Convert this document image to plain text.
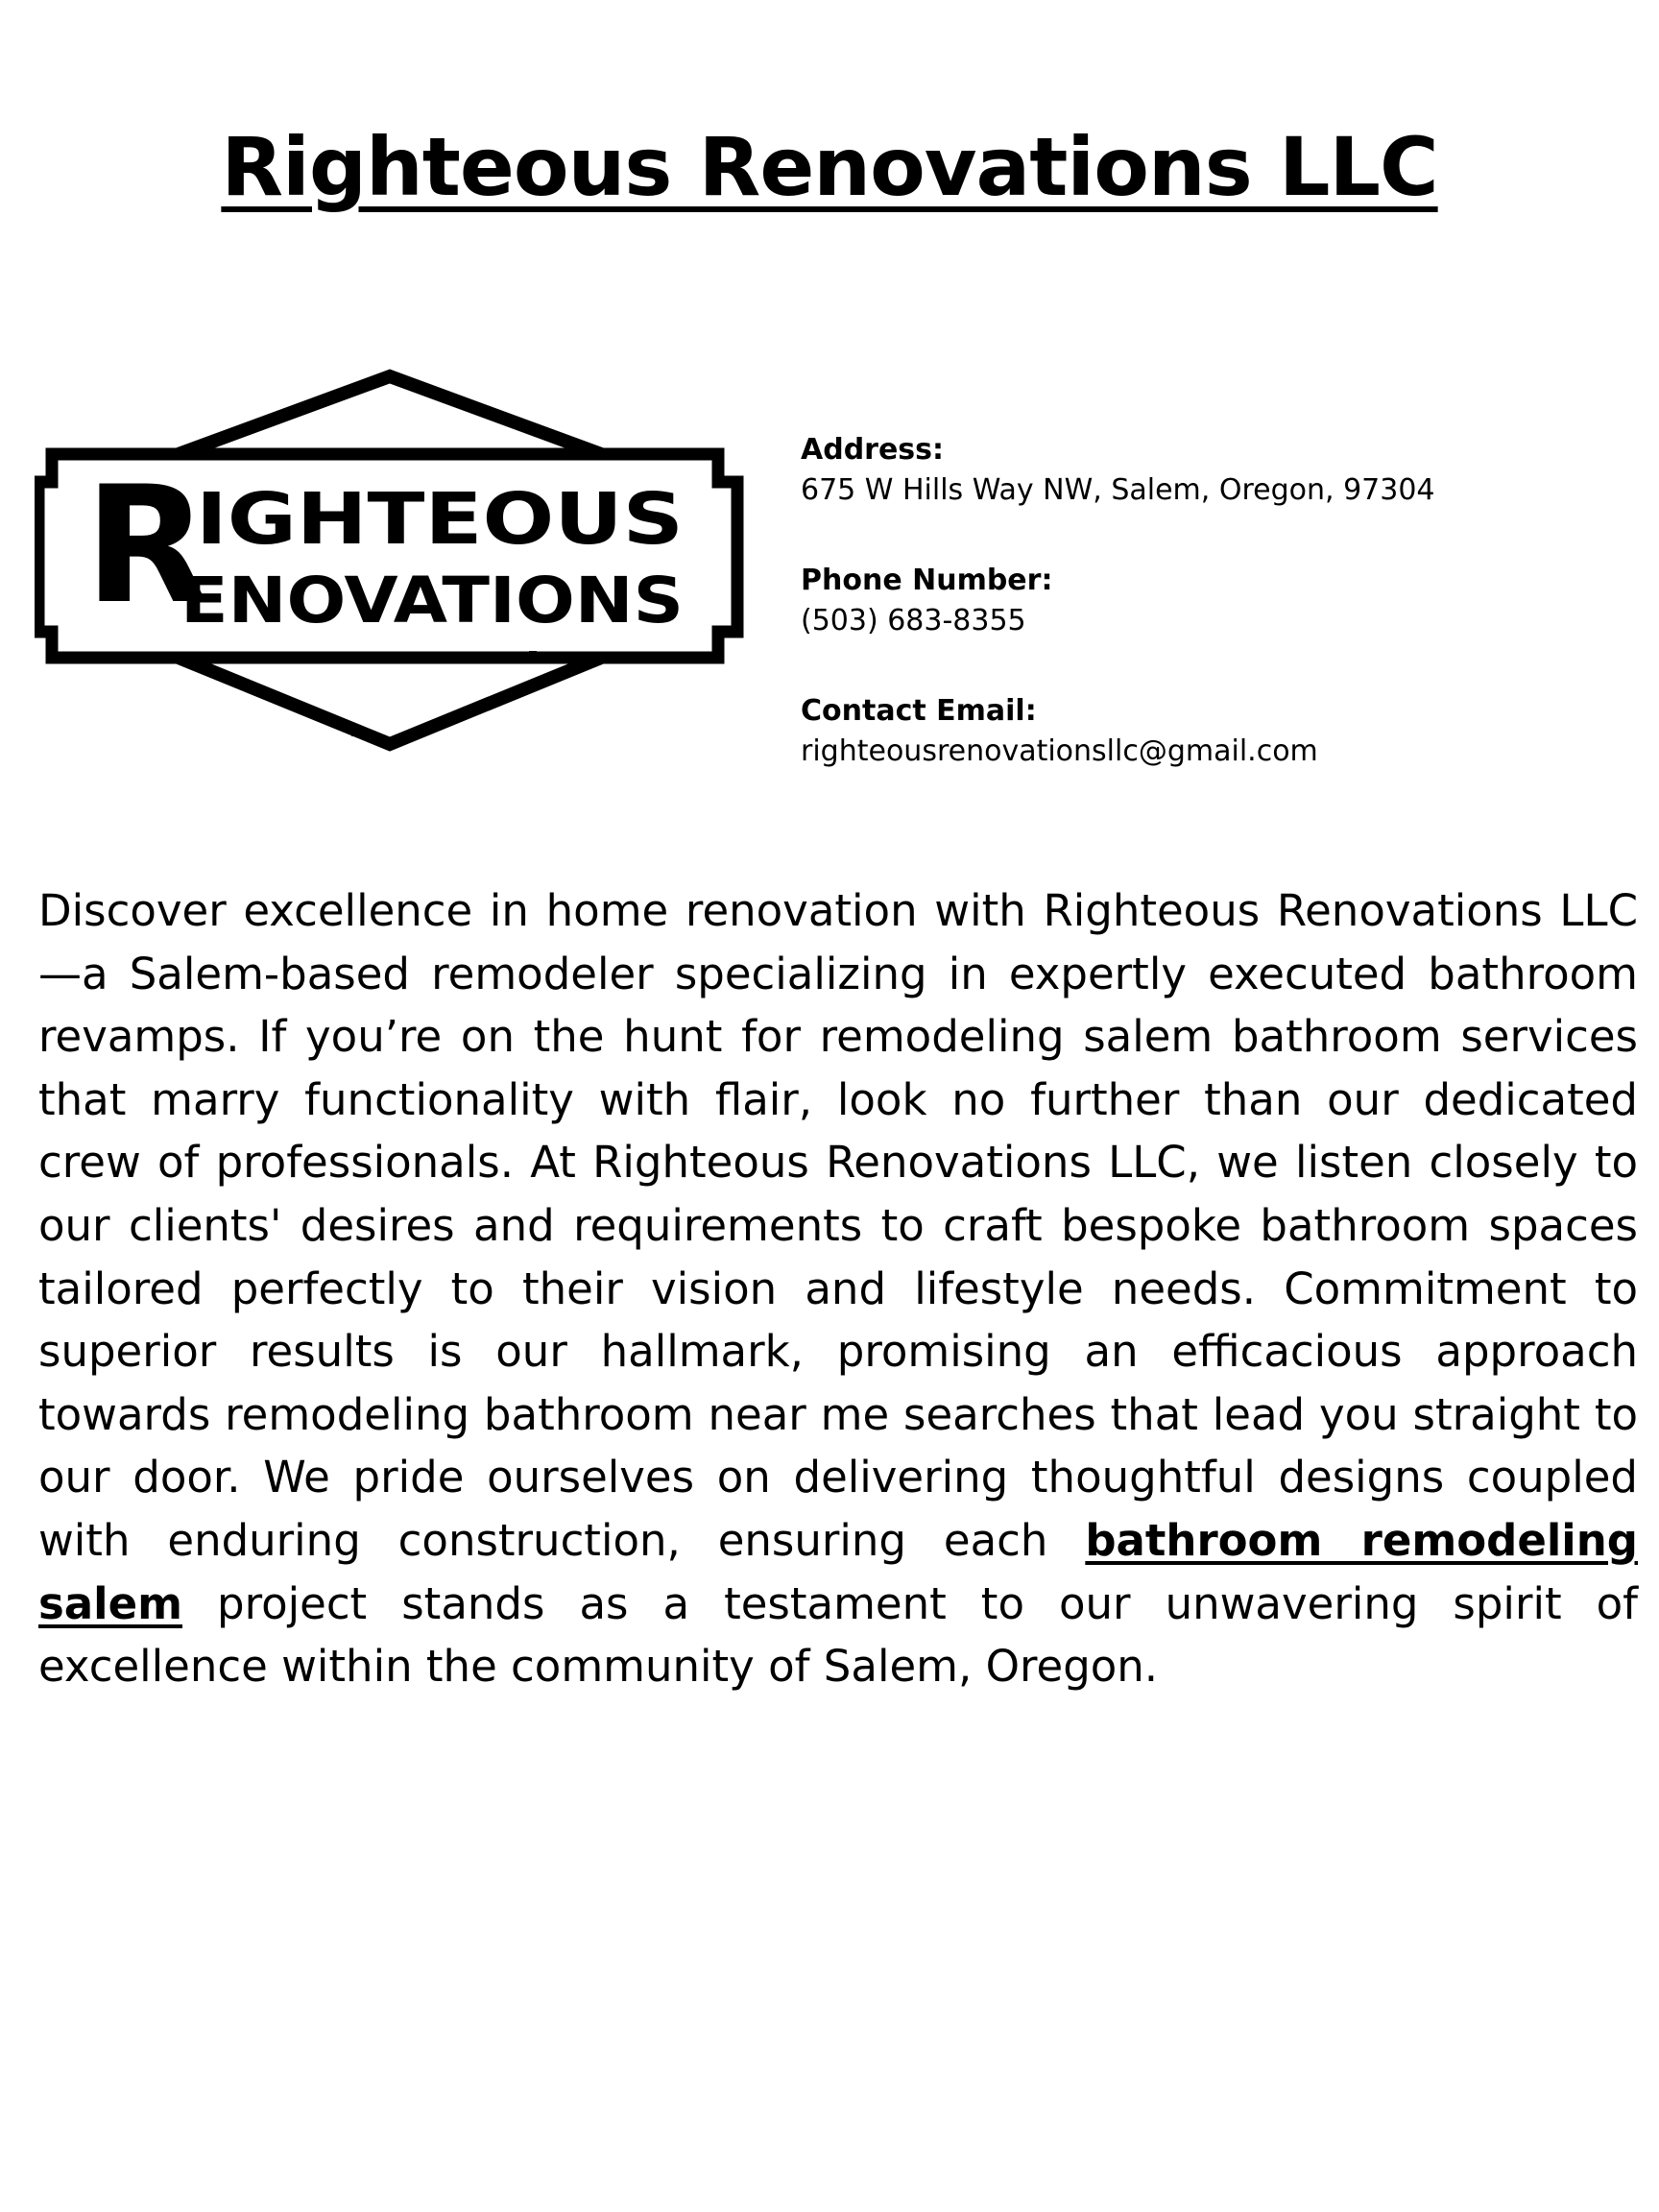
Righteous Renovations LLC
R
IGHTEOUS
ENOVATIONS
Address:
675 W Hills Way NW, Salem, Oregon, 97304
Phone Number:
(503) 683-8355
Contact Email:
righteousrenovationsllc@gmail.com

Discover excellence in home renovation with Righteous Renovations LLC—a Salem-based remodeler specializing in expertly executed bathroom revamps. If you’re on the hunt for remodeling salem bathroom services that marry functionality with flair, look no further than our dedicated crew of professionals. At Righteous Renovations LLC, we listen closely to our clients' desires and requirements to craft bespoke bathroom spaces tailored perfectly to their vision and lifestyle needs. Commitment to superior results is our hallmark, promising an efficacious approach towards remodeling bathroom near me searches that lead you straight to our door. We pride ourselves on delivering thoughtful designs coupled with enduring construction, ensuring each bathroom remodeling salem project stands as a testament to our unwavering spirit of excellence within the community of Salem, Oregon.
